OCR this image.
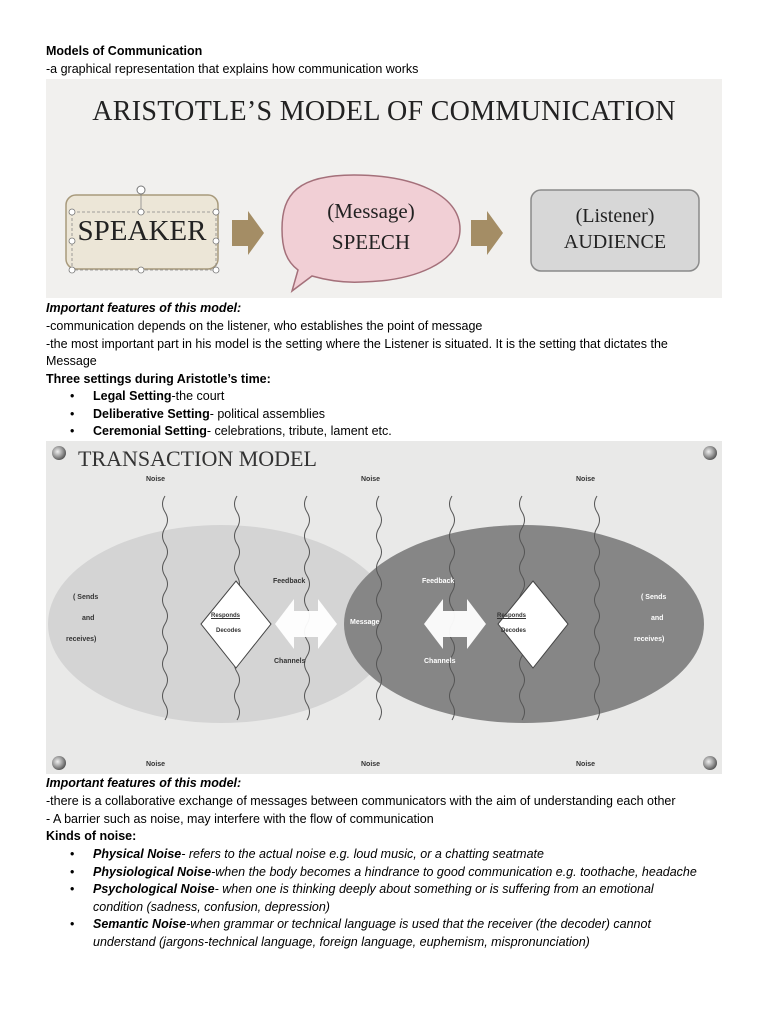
Models of Communication
-a graphical representation that explains how communication works
ARISTOTLE’S MODEL OF COMMUNICATION
SPEAKER
(Message)
SPEECH
(Listener)
AUDIENCE
Important features of this model:
-communication depends on the listener, who establishes the point of message
-the most important part in his model is the setting where the Listener is situated. It is the setting that dictates the
Message
Three settings during Aristotle’s time:
• Legal Setting-the court
• Deliberative Setting- political assemblies
• Ceremonial Setting- celebrations, tribute, lament etc.
TRANSACTION MODEL
Noise	Noise	Noise
Noise	Noise	Noise
( Sends
and
receives)
( Sends
and
receives)
Feedback
Channels
Feedback
Channels
Message
Responds
Decodes
Responds
Decodes
Important features of this model:
-there is a collaborative exchange of messages between communicators with the aim of understanding each other
- A barrier such as noise, may interfere with the flow of communication
Kinds of noise:
• Physical Noise- refers to the actual noise e.g. loud music, or a chatting seatmate
• Physiological Noise-when the body becomes a hindrance to good communication e.g. toothache, headache
• Psychological Noise- when one is thinking deeply about something or is suffering from an emotional
condition (sadness, confusion, depression)
• Semantic Noise-when grammar or technical language is used that the receiver (the decoder) cannot
understand (jargons-technical language, foreign language, euphemism, mispronunciation)
